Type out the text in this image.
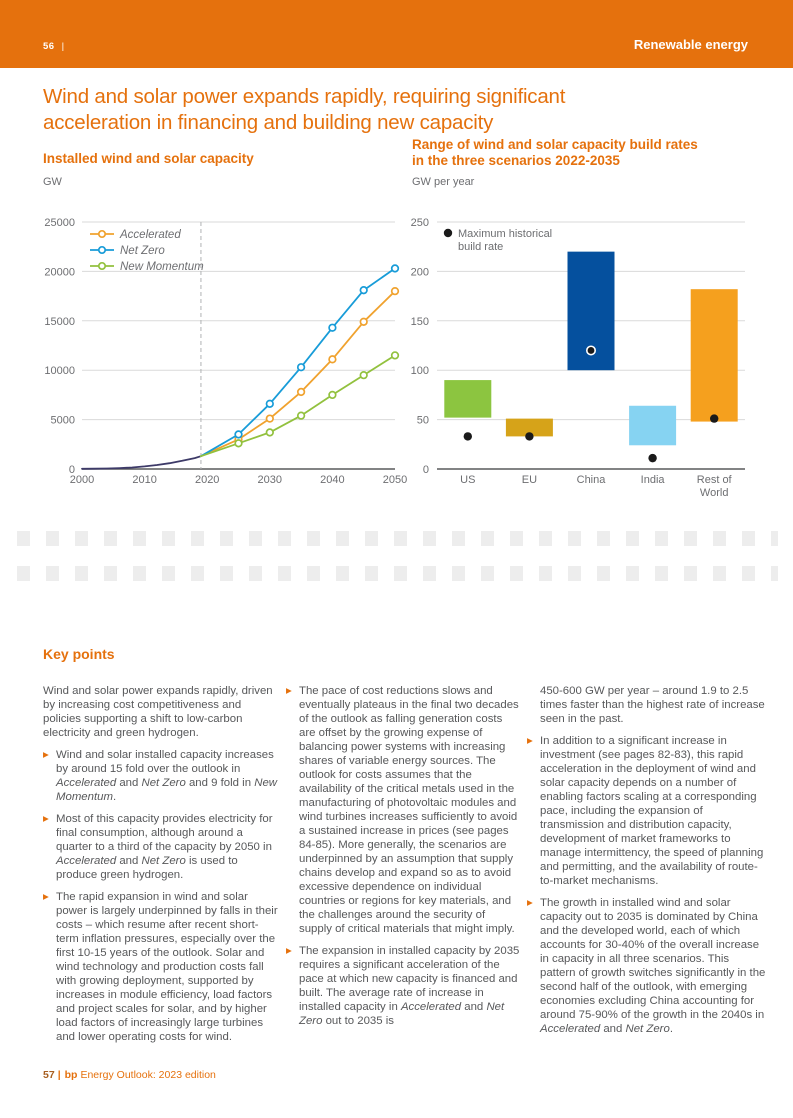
56 |	Renewable energy
Wind and solar power expands rapidly, requiring significant
acceleration in financing and building new capacity
Installed wind and solar capacity
GW
0
5000
10000
15000
20000
25000
2000	2010	2020	2030	2040	2050
Accelerated
Net Zero
New Momentum
Range of wind and solar capacity build rates
in the three scenarios 2022-2035
GW per year
0
50
100
150
200
250
US	EU	China	India	Rest of World
Maximum historical
build rate
Key points
Wind and solar power expands rapidly, driven by increasing cost competitiveness and policies supporting a shift to low-carbon electricity and green hydrogen.
▶ Wind and solar installed capacity increases by around 15 fold over the outlook in Accelerated and Net Zero and 9 fold in New Momentum.
▶ Most of this capacity provides electricity for final consumption, although around a quarter to a third of the capacity by 2050 in Accelerated and Net Zero is used to produce green hydrogen.
▶ The rapid expansion in wind and solar power is largely underpinned by falls in their costs – which resume after recent short-term inflation pressures, especially over the first 10-15 years of the outlook. Solar and wind technology and production costs fall with growing deployment, supported by increases in module efficiency, load factors and project scales for solar, and by higher load factors of increasingly large turbines and lower operating costs for wind.
▶ The pace of cost reductions slows and eventually plateaus in the final two decades of the outlook as falling generation costs are offset by the growing expense of balancing power systems with increasing shares of variable energy sources. The outlook for costs assumes that the availability of the critical metals used in the manufacturing of photovoltaic modules and wind turbines increases sufficiently to avoid a sustained increase in prices (see pages 84-85). More generally, the scenarios are underpinned by an assumption that supply chains develop and expand so as to avoid excessive dependence on individual countries or regions for key materials, and the challenges around the security of supply of critical materials that might imply.
▶ The expansion in installed capacity by 2035 requires a significant acceleration of the pace at which new capacity is financed and built. The average rate of increase in installed capacity in Accelerated and Net Zero out to 2035 is
450-600 GW per year – around 1.9 to 2.5 times faster than the highest rate of increase seen in the past.
▶ In addition to a significant increase in investment (see pages 82-83), this rapid acceleration in the deployment of wind and solar capacity depends on a number of enabling factors scaling at a corresponding pace, including the expansion of transmission and distribution capacity, development of market frameworks to manage intermittency, the speed of planning and permitting, and the availability of route-to-market mechanisms.
▶ The growth in installed wind and solar capacity out to 2035 is dominated by China and the developed world, each of which accounts for 30-40% of the overall increase in capacity in all three scenarios. This pattern of growth switches significantly in the second half of the outlook, with emerging economies excluding China accounting for around 75-90% of the growth in the 2040s in Accelerated and Net Zero.
57 | bp Energy Outlook: 2023 edition
